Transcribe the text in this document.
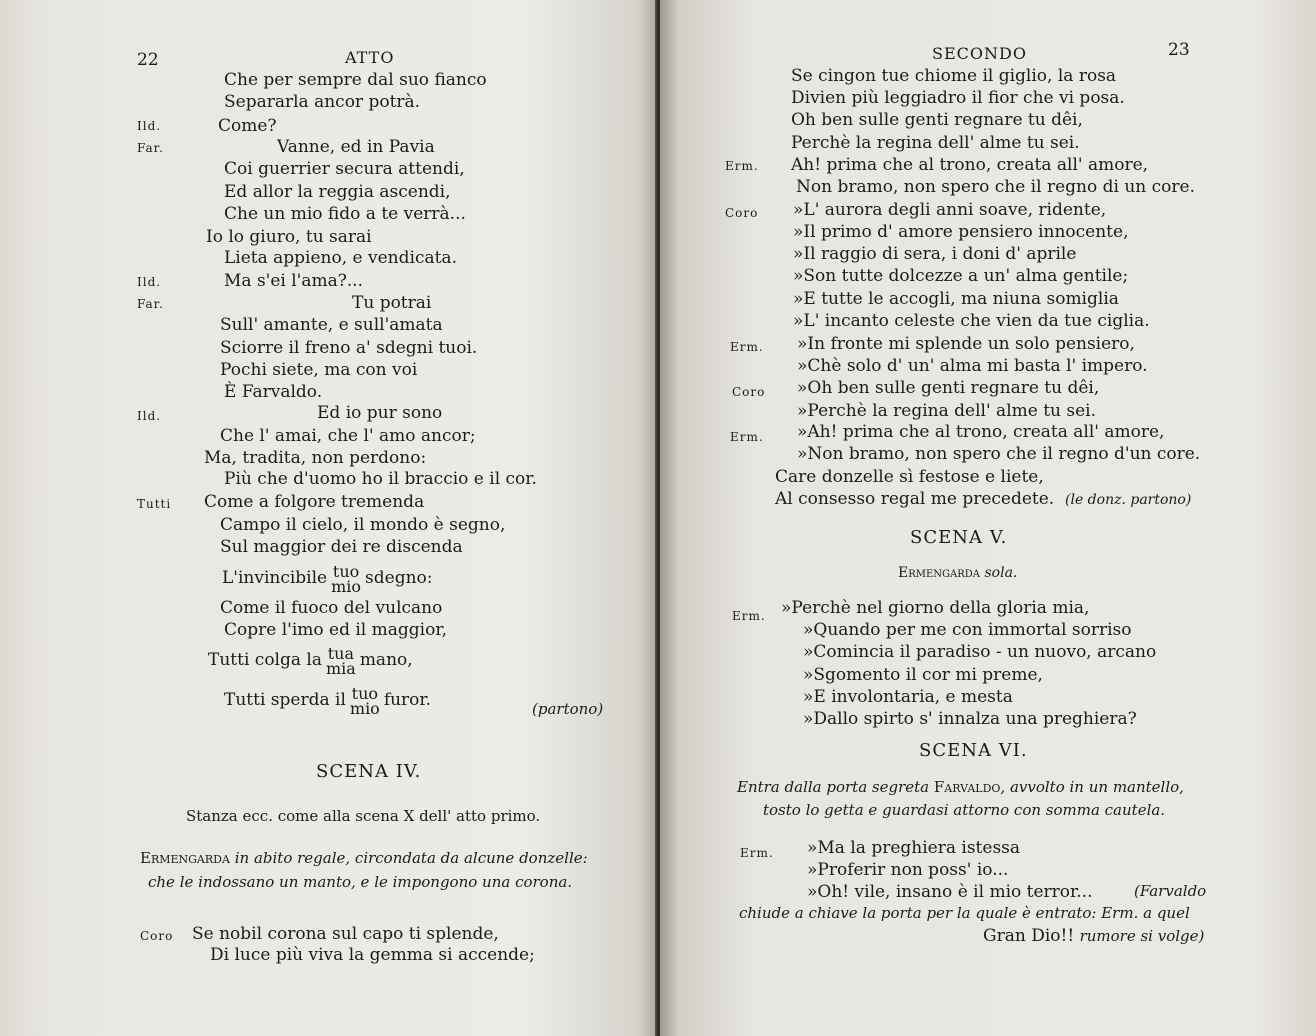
22	ATTO
Che per sempre dal suo fianco
Separarla ancor potrà.
Ild.	Come?
Far.	Vanne, ed in Pavia
Coi guerrier secura attendi,
Ed allor la reggia ascendi,
Che un mio fido a te verrà...
Io lo giuro, tu sarai
Lieta appieno, e vendicata.
Ild.	Ma s'ei l'ama?...
Far.	Tu potrai
Sull' amante, e sull'amata
Sciorre il freno a' sdegni tuoi.
Pochi siete, ma con voi
È Farvaldo.
Ild.	Ed io pur sono
Che l' amai, che l' amo ancor;
Ma, tradita, non perdono:
Più che d'uomo ho il braccio e il cor.
Tutti Come a folgore tremenda
Campo il cielo, il mondo è segno,
Sul maggior dei re discenda
L'invincibile tuo
mio sdegno:
Come il fuoco del vulcano
Copre l'imo ed il maggior,
Tutti colga la tua
mia mano,
Tutti sperda il tuo
mio furor.	(partono)
SCENA IV.
Stanza ecc. come alla scena X dell' atto primo.
Ermengarda in abito regale, circondata da alcune donzelle:
che le indossano un manto, e le impongono una corona.
Coro Se nobil corona sul capo ti splende,
Di luce più viva la gemma si accende;
SECONDO	23
Se cingon tue chiome il giglio, la rosa
Divien più leggiadro il fior che vi posa.
Oh ben sulle genti regnare tu dêi,
Perchè la regina dell' alme tu sei.
Erm. Ah! prima che al trono, creata all' amore,
Non bramo, non spero che il regno di un core.
Coro »L' aurora degli anni soave, ridente,
»Il primo d' amore pensiero innocente,
»Il raggio di sera, i doni d' aprile
»Son tutte dolcezze a un' alma gentile;
»E tutte le accogli, ma niuna somiglia
»L' incanto celeste che vien da tue ciglia.
Erm. »In fronte mi splende un solo pensiero,
»Chè solo d' un' alma mi basta l' impero.
Coro »Oh ben sulle genti regnare tu dêi,
»Perchè la regina dell' alme tu sei.
Erm. »Ah! prima che al trono, creata all' amore,
»Non bramo, non spero che il regno d'un core.
Care donzelle sì festose e liete,
Al consesso regal me precedete. (le donz. partono)
SCENA V.
Ermengarda sola.
Erm. »Perchè nel giorno della gloria mia,
»Quando per me con immortal sorriso
»Comincia il paradiso - un nuovo, arcano
»Sgomento il cor mi preme,
»E involontaria, e mesta
»Dallo spirto s' innalza una preghiera?
SCENA VI.
Entra dalla porta segreta Farvaldo, avvolto in un mantello,
tosto lo getta e guardasi attorno con somma cautela.
Erm. »Ma la preghiera istessa
»Proferir non poss' io...
»Oh! vile, insano è il mio terror...	(Farvaldo
chiude a chiave la porta per la quale è entrato: Erm. a quel
Gran Dio!! rumore si volge)
